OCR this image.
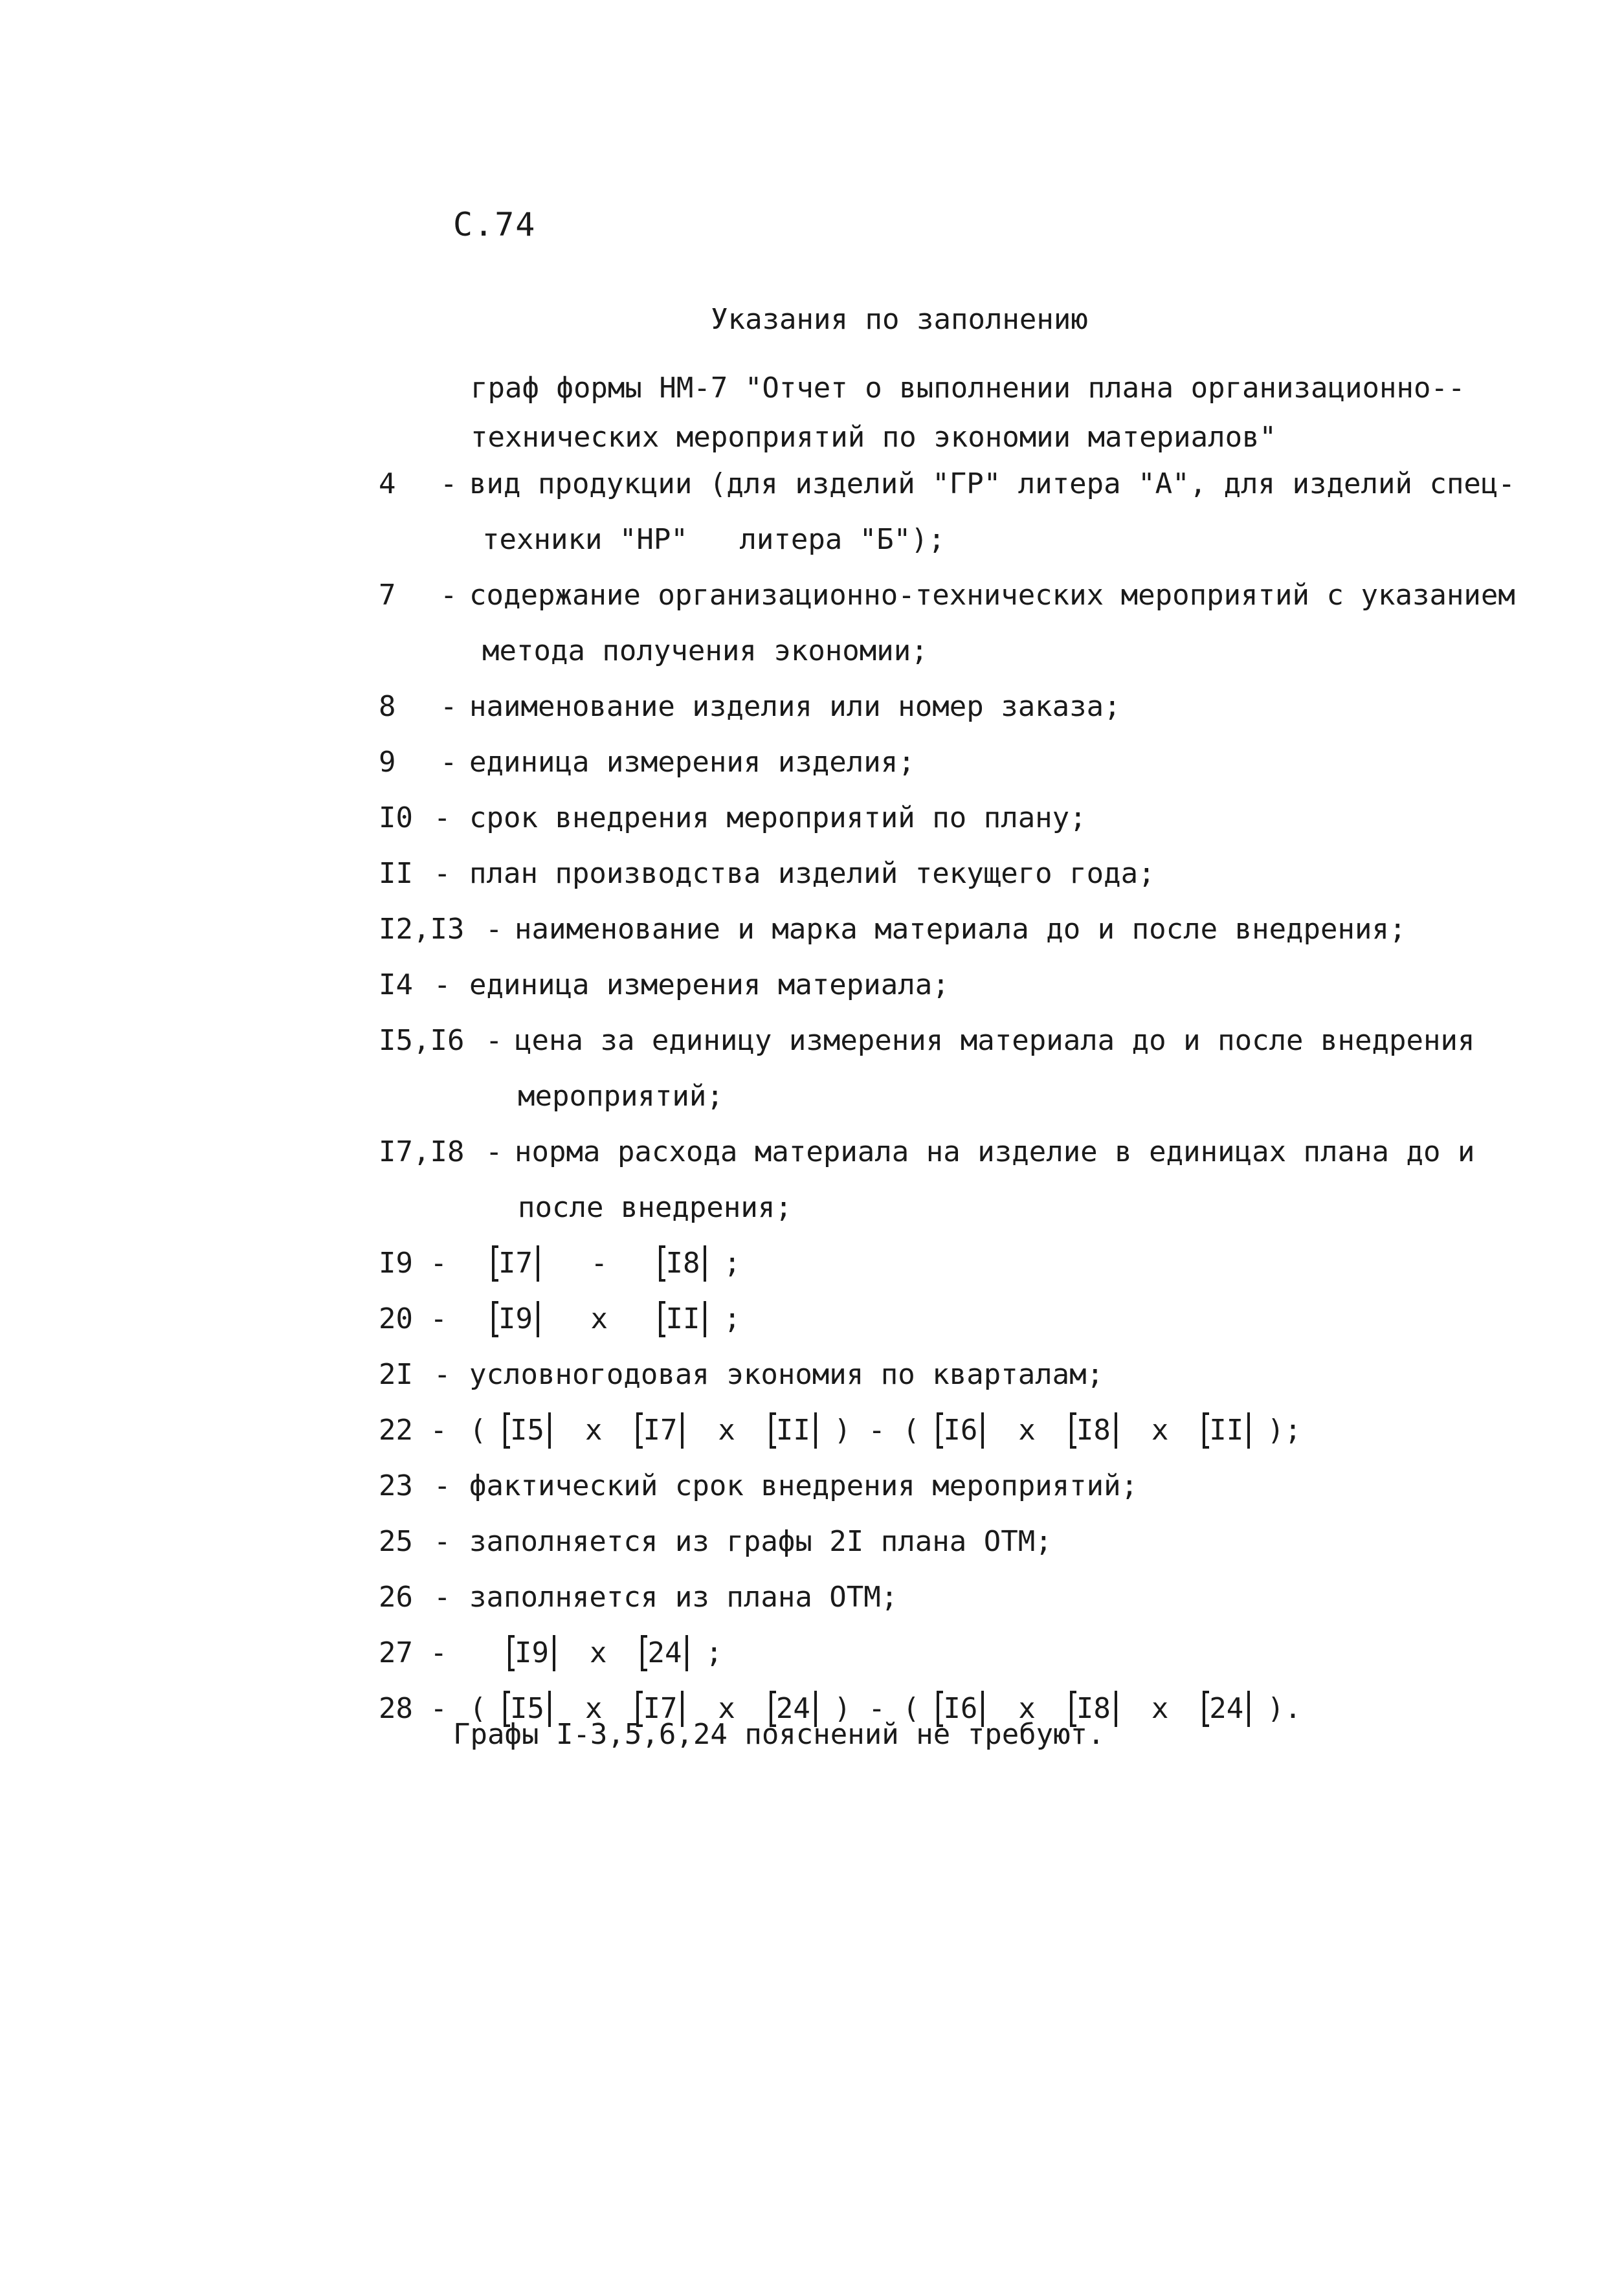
С.74
Указания по заполнению
граф формы НМ-7 "Отчет о выполнении плана организационно--
технических мероприятий по экономии материалов"

4

-

вид продукции (для изделий "ГР" литера "А", для изделий спец-

техники "НР"   литера "Б");

7

-

содержание организационно-технических мероприятий с указанием

метода получения экономии;

8

-

наименование изделия или номер заказа;

9

-

единица измерения изделия;

I0

-

срок внедрения мероприятий по плану;

II

-

план производства изделий текущего года;

I2,I3

-

наименование и марка материала до и после внедрения;

I4

-

единица измерения материала;

I5,I6

-

цена за единицу измерения материала до и после внедрения

мероприятий;

I7,I8

-

норма расхода материала на изделие в единицах плана до и

после внедрения;

I9 -

I7 - I8 ;

20 -

I9 x II ;

2I

-

условногодовая экономия по кварталам;

22 -

( I5 x I7 x II ) - ( I6 x I8 x II );

23

-

фактический срок внедрения мероприятий;

25

-

заполняется из графы 2I плана ОТМ;

26

-

заполняется из плана ОТМ;

27 -

I9 x 24 ;

28 -

( I5 x I7 x 24 ) - ( I6 x I8 x 24 ).

Графы I-3,5,6,24 пояснений не требуют.
